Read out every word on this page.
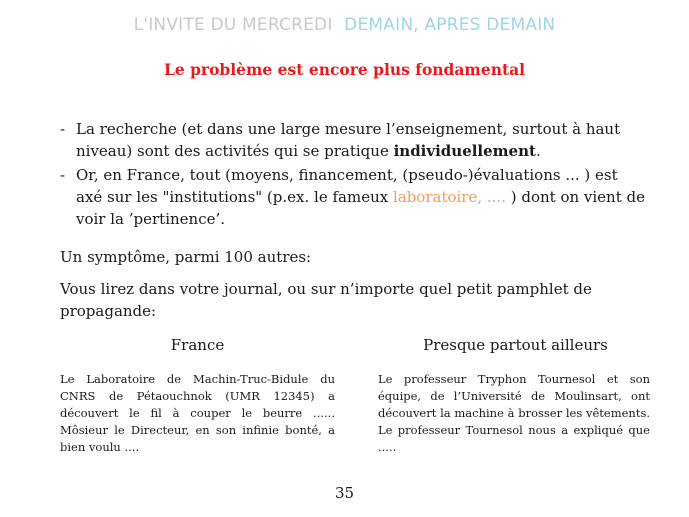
L'INVITE DU MERCREDI DEMAIN, APRES DEMAIN
Le problème est encore plus fondamental
- La recherche (et dans une large mesure l’enseignement, surtout à haut niveau) sont des activités qui se pratique individuellement.
- Or, en France, tout (moyens, financement, (pseudo-)évaluations ... ) est axé sur les "institutions" (p.ex. le fameux laboratoire, .... ) dont on vient de voir la ’pertinence’.
Un symptôme, parmi 100 autres:
Vous lirez dans votre journal, ou sur n’importe quel petit pamphlet de propagande:
France	Presque partout ailleurs
Le Laboratoire de Machin-Truc-Bidule du CNRS de Pétaouchnok (UMR 12345) a découvert le fil à couper le beurre ...... Môsieur le Directeur, en son infinie bonté, a bien voulu ....
Le professeur Tryphon Tournesol et son équipe, de l’Université de Moulinsart, ont découvert la machine à brosser les vêtements. Le professeur Tournesol nous a expliqué que .....
35
